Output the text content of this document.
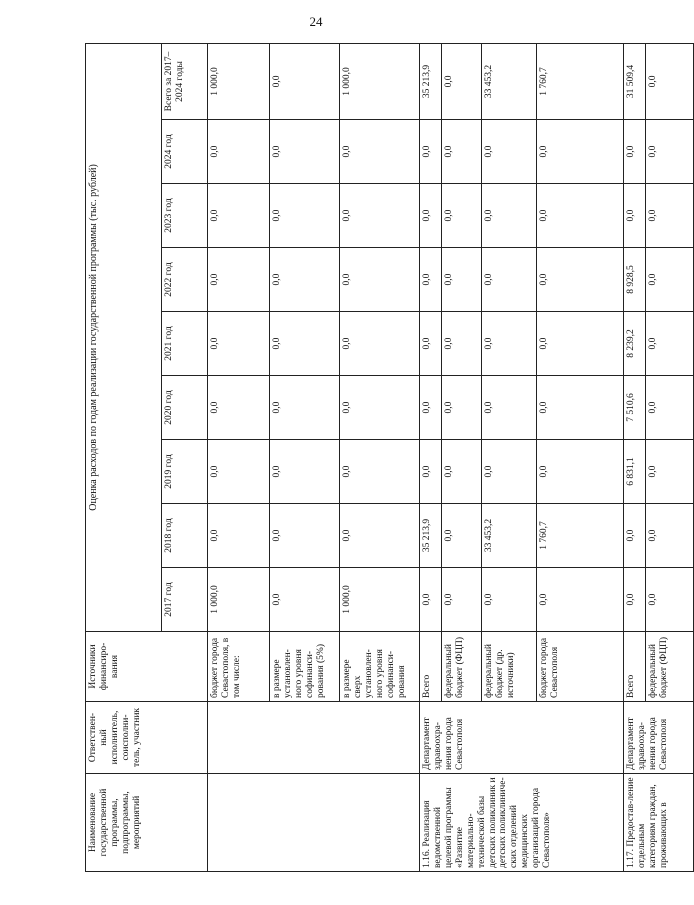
24
Наименование государственной программы, подпрограммы, мероприятий	Ответствен-ный исполнитель, соисполни-тель, участник	Источники финансиро-вания	Оценка расходов по годам реализации государственной программы (тыс. рублей)								
			2017 год	2018 год	2019 год	2020 год	2021 год	2022 год	2023 год	2024 год	Всего за 2017–2024 годы
		бюджет города Севастополя, в том числе:	1 000,0	0,0	0,0	0,0	0,0	0,0	0,0	0,0	1 000,0
		в размере установлен-ного уровня софинанси-рования (5%)	0,0	0,0	0,0	0,0	0,0	0,0	0,0	0,0	0,0
		в размере сверх установлен-ного уровня софинанси-рования	1 000,0	0,0	0,0	0,0	0,0	0,0	0,0	0,0	1 000,0
1.16. Реализация ведомственной целевой программы «Развитие материально-технической базы детских поликлиник и детских поликлиниче-ских отделений медицинских организаций города Севастополя»	Департамент здравоохра-нения города Севастополя	Всего	0,0	35 213,9	0,0	0,0	0,0	0,0	0,0	0,0	35 213,9
		федеральный бюджет (ФЦП)	0,0	0,0	0,0	0,0	0,0	0,0	0,0	0,0	0,0
		федеральный бюджет (др. источники)	0,0	33 453,2	0,0	0,0	0,0	0,0	0,0	0,0	33 453,2
		бюджет города Севастополя	0,0	1 760,7	0,0	0,0	0,0	0,0	0,0	0,0	1 760,7
1.17. Предостав-ление отдельным категориям граждан, проживающих в	Департамент здравоохра-нения города Севастополя	Всего	0,0	0,0	6 831,1	7 510,6	8 239,2	8 928,5	0,0	0,0	31 509,4
		федеральный бюджет (ФЦП)	0,0	0,0	0,0	0,0	0,0	0,0	0,0	0,0	0,0
